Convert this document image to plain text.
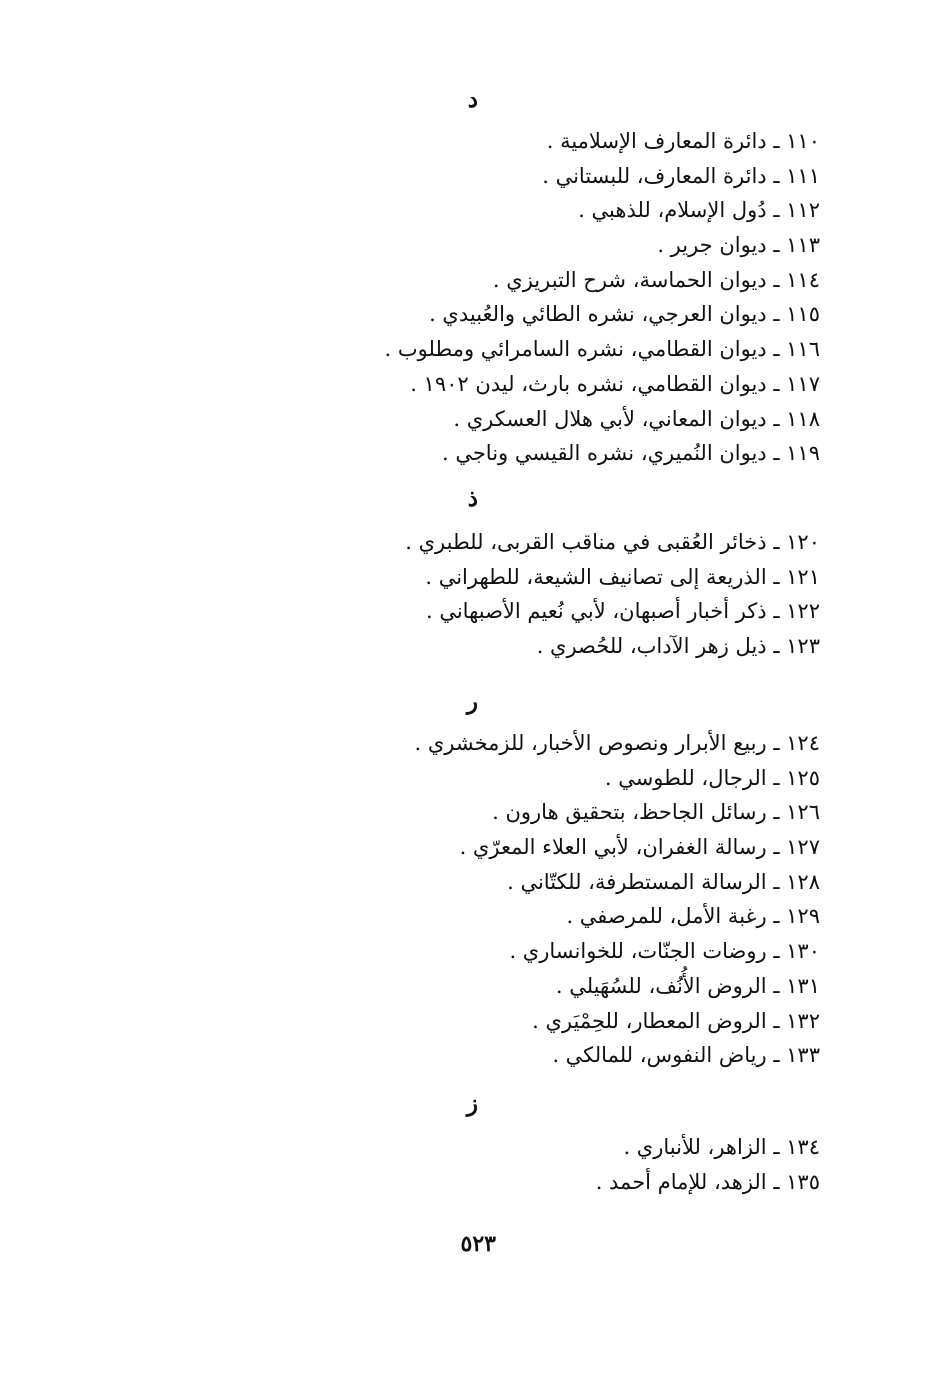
د
١١٠ ـ دائرة المعارف الإسلامية .
١١١ ـ دائرة المعارف، للبستاني .
١١٢ ـ دُول الإسلام، للذهبي .
١١٣ ـ ديوان جرير .
١١٤ ـ ديوان الحماسة، شرح التبريزي .
١١٥ ـ ديوان العرجي، نشره الطائي والعُبيدي .
١١٦ ـ ديوان القطامي، نشره السامرائي ومطلوب .
١١٧ ـ ديوان القطامي، نشره بارث، ليدن ١٩٠٢ .
١١٨ ـ ديوان المعاني، لأبي هلال العسكري .
١١٩ ـ ديوان النُميري، نشره القيسي وناجي .
ذ
١٢٠ ـ ذخائر العُقبى في مناقب القربى، للطبري .
١٢١ ـ الذريعة إلى تصانيف الشيعة، للطهراني .
١٢٢ ـ ذكر أخبار أصبهان، لأبي نُعيم الأصبهاني .
١٢٣ ـ ذيل زهر الآداب، للحُصري .
ر
١٢٤ ـ ربيع الأبرار ونصوص الأخبار، للزمخشري .
١٢٥ ـ الرجال، للطوسي .
١٢٦ ـ رسائل الجاحظ، بتحقيق هارون .
١٢٧ ـ رسالة الغفران، لأبي العلاء المعرّي .
١٢٨ ـ الرسالة المستطرفة، للكتّاني .
١٢٩ ـ رغبة الأمل، للمرصفي .
١٣٠ ـ روضات الجنّات، للخوانساري .
١٣١ ـ الروض الأُنُف، للسُهَيلي .
١٣٢ ـ الروض المعطار، للحِمْيَري .
١٣٣ ـ رياض النفوس، للمالكي .
ز
١٣٤ ـ الزاهر، للأنباري .
١٣٥ ـ الزهد، للإمام أحمد .
٥٢٣
